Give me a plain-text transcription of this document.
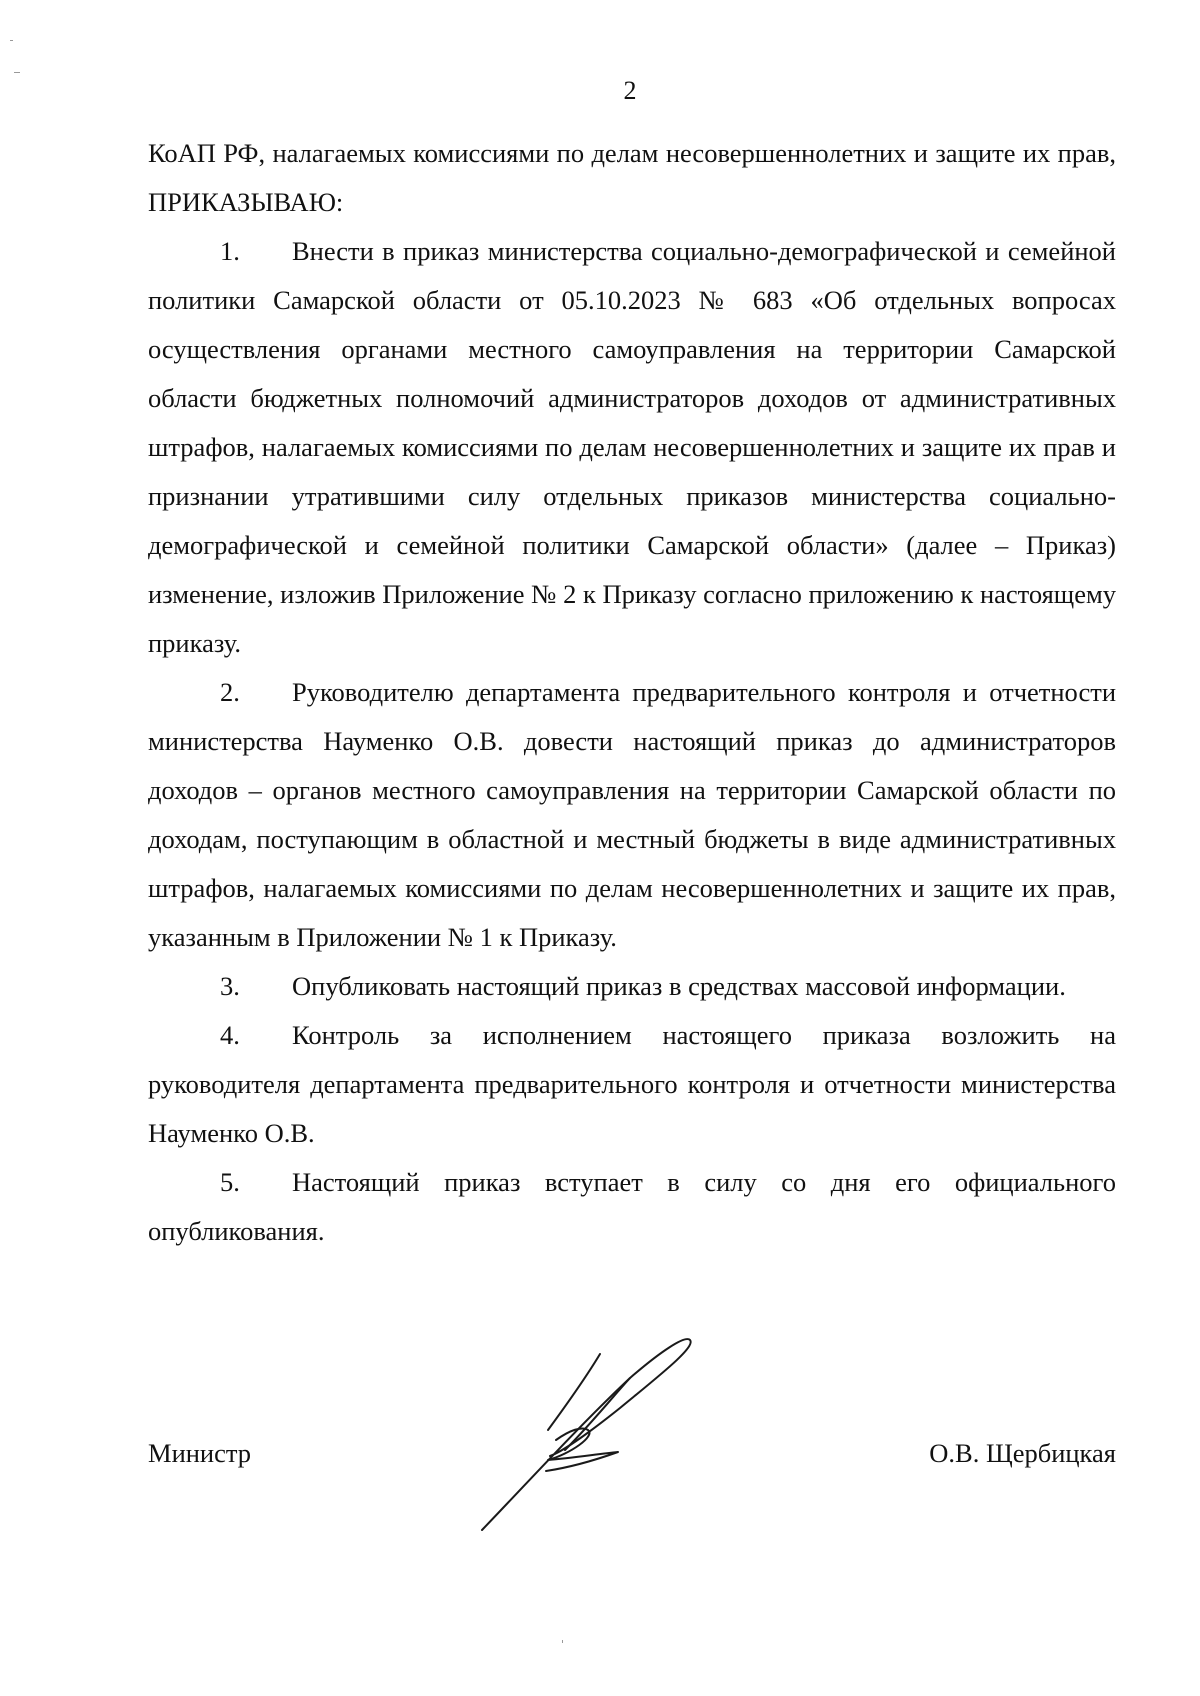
2

КоАП РФ, налагаемых комиссиями по делам несовершеннолетних и защите их прав, ПРИКАЗЫВАЮ:

1. Внести в приказ министерства социально-демографической и семейной политики Самарской области от 05.10.2023 № 683 «Об отдельных вопросах осуществления органами местного самоуправления на территории Самарской области бюджетных полномочий администраторов доходов от административных штрафов, налагаемых комиссиями по делам несовершеннолетних и защите их прав и признании утратившими силу отдельных приказов министерства социально-демографической и семейной политики Самарской области» (далее – Приказ) изменение, изложив Приложение № 2 к Приказу согласно приложению к настоящему приказу.

2. Руководителю департамента предварительного контроля и отчетности министерства Науменко О.В. довести настоящий приказ до администраторов доходов – органов местного самоуправления на территории Самарской области по доходам, поступающим в областной и местный бюджеты в виде административных штрафов, налагаемых комиссиями по делам несовершеннолетних и защите их прав, указанным в Приложении № 1 к Приказу.

3. Опубликовать настоящий приказ в средствах массовой информации.

4. Контроль за исполнением настоящего приказа возложить на руководителя департамента предварительного контроля и отчетности министерства Науменко О.В.

5. Настоящий приказ вступает в силу со дня его официального опубликования.

Министр	О.В. Щербицкая
